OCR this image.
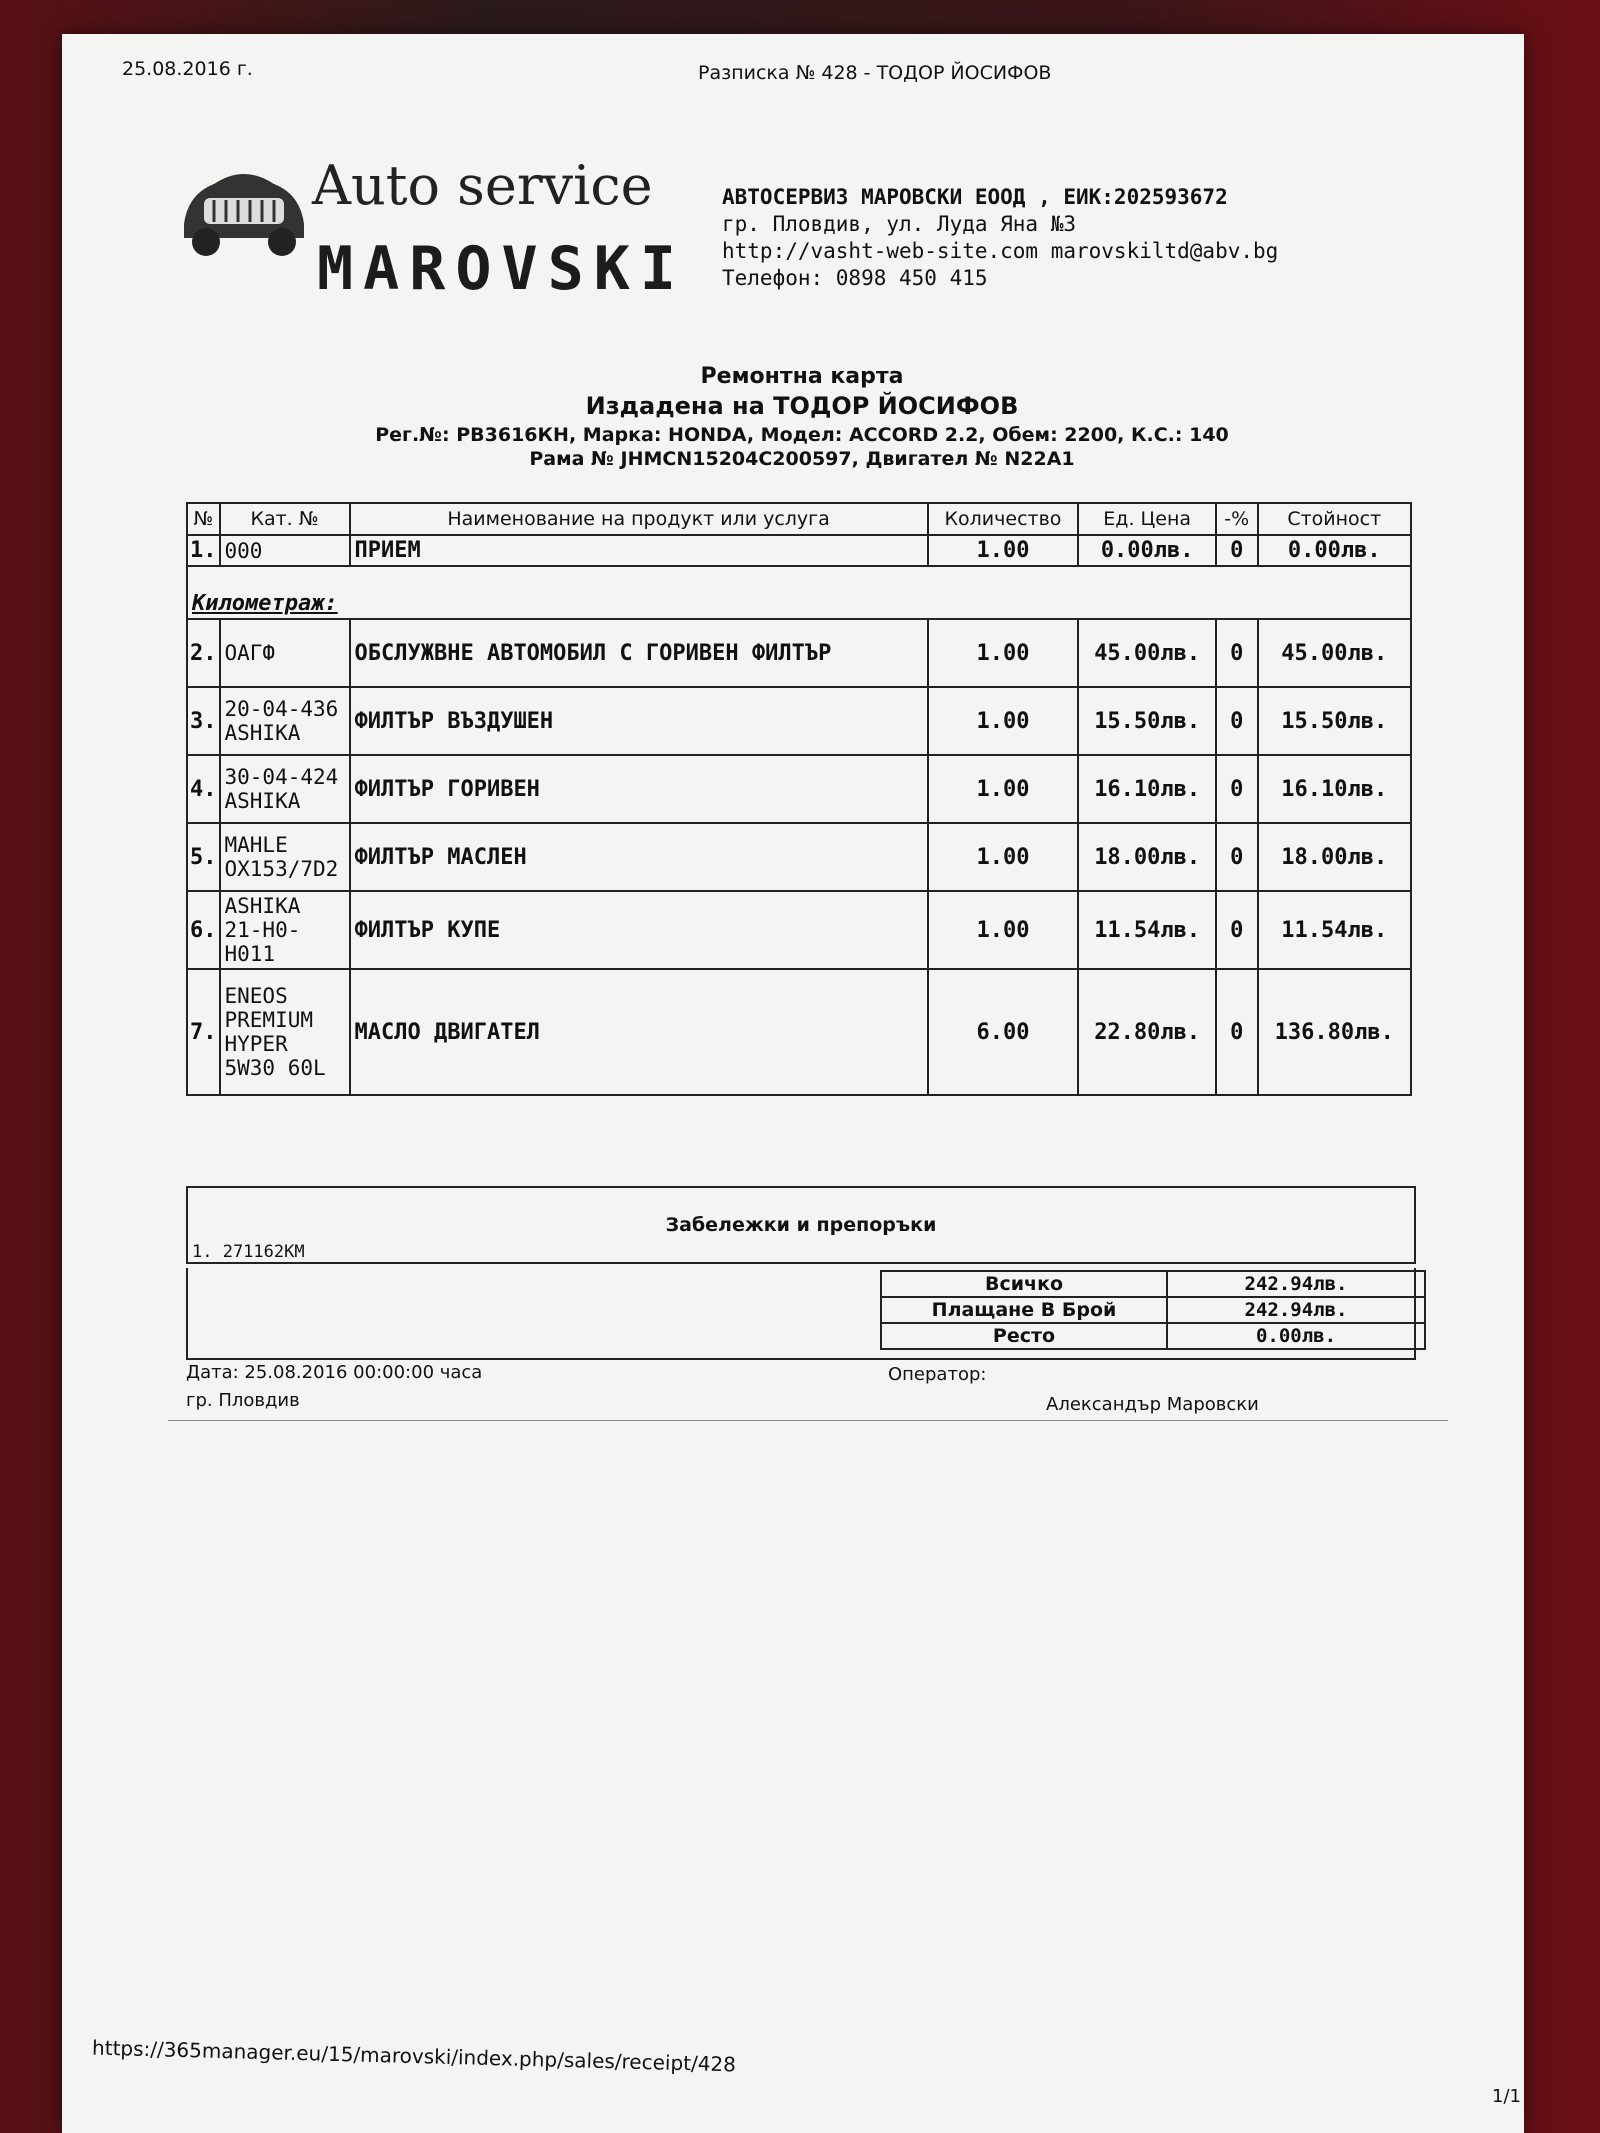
25.08.2016 г.	Разписка № 428 - ТОДОР ЙОСИФОВ
Auto service
MAROVSKI
АВТОСЕРВИЗ МАРОВСКИ ЕООД , ЕИК:202593672
гр. Пловдив, ул. Луда Яна №3
http://vasht-web-site.com marovskiltd@abv.bg
Телефон: 0898 450 415
Ремонтна карта
Издадена на ТОДОР ЙОСИФОВ
Рег.№: РВ3616КН, Марка: HONDA, Модел: ACCORD 2.2, Обем: 2200, К.С.: 140
Рама № JHMCN15204C200597, Двигател № N22A1
№	Кат. №	Наименование на продукт или услуга	Количество	Ед. Цена	-%	Стойност
1.	000	ПРИЕМ	1.00	0.00лв.	0	0.00лв.
Километраж:						
2.	ОАГФ	ОБСЛУЖВНЕ АВТОМОБИЛ С ГОРИВЕН ФИЛТЪР	1.00	45.00лв.	0	45.00лв.
3.	20-04-436 ASHIKA	ФИЛТЪР ВЪЗДУШЕН	1.00	15.50лв.	0	15.50лв.
4.	30-04-424 ASHIKA	ФИЛТЪР ГОРИВЕН	1.00	16.10лв.	0	16.10лв.
5.	MAHLE OX153/7D2	ФИЛТЪР МАСЛЕН	1.00	18.00лв.	0	18.00лв.
6.	ASHIKA 21-H0-H011	ФИЛТЪР КУПЕ	1.00	11.54лв.	0	11.54лв.
7.	ENEOS PREMIUM HYPER 5W30 60L	МАСЛО ДВИГАТЕЛ	6.00	22.80лв.	0	136.80лв.
Забележки и препоръки
1. 271162КМ
Всичко	242.94лв.
Плащане В Брой	242.94лв.
Ресто	0.00лв.
Дата: 25.08.2016 00:00:00 часа
гр. Пловдив
Оператор:
Александър Маровски
https://365manager.eu/15/marovski/index.php/sales/receipt/428
1/1
